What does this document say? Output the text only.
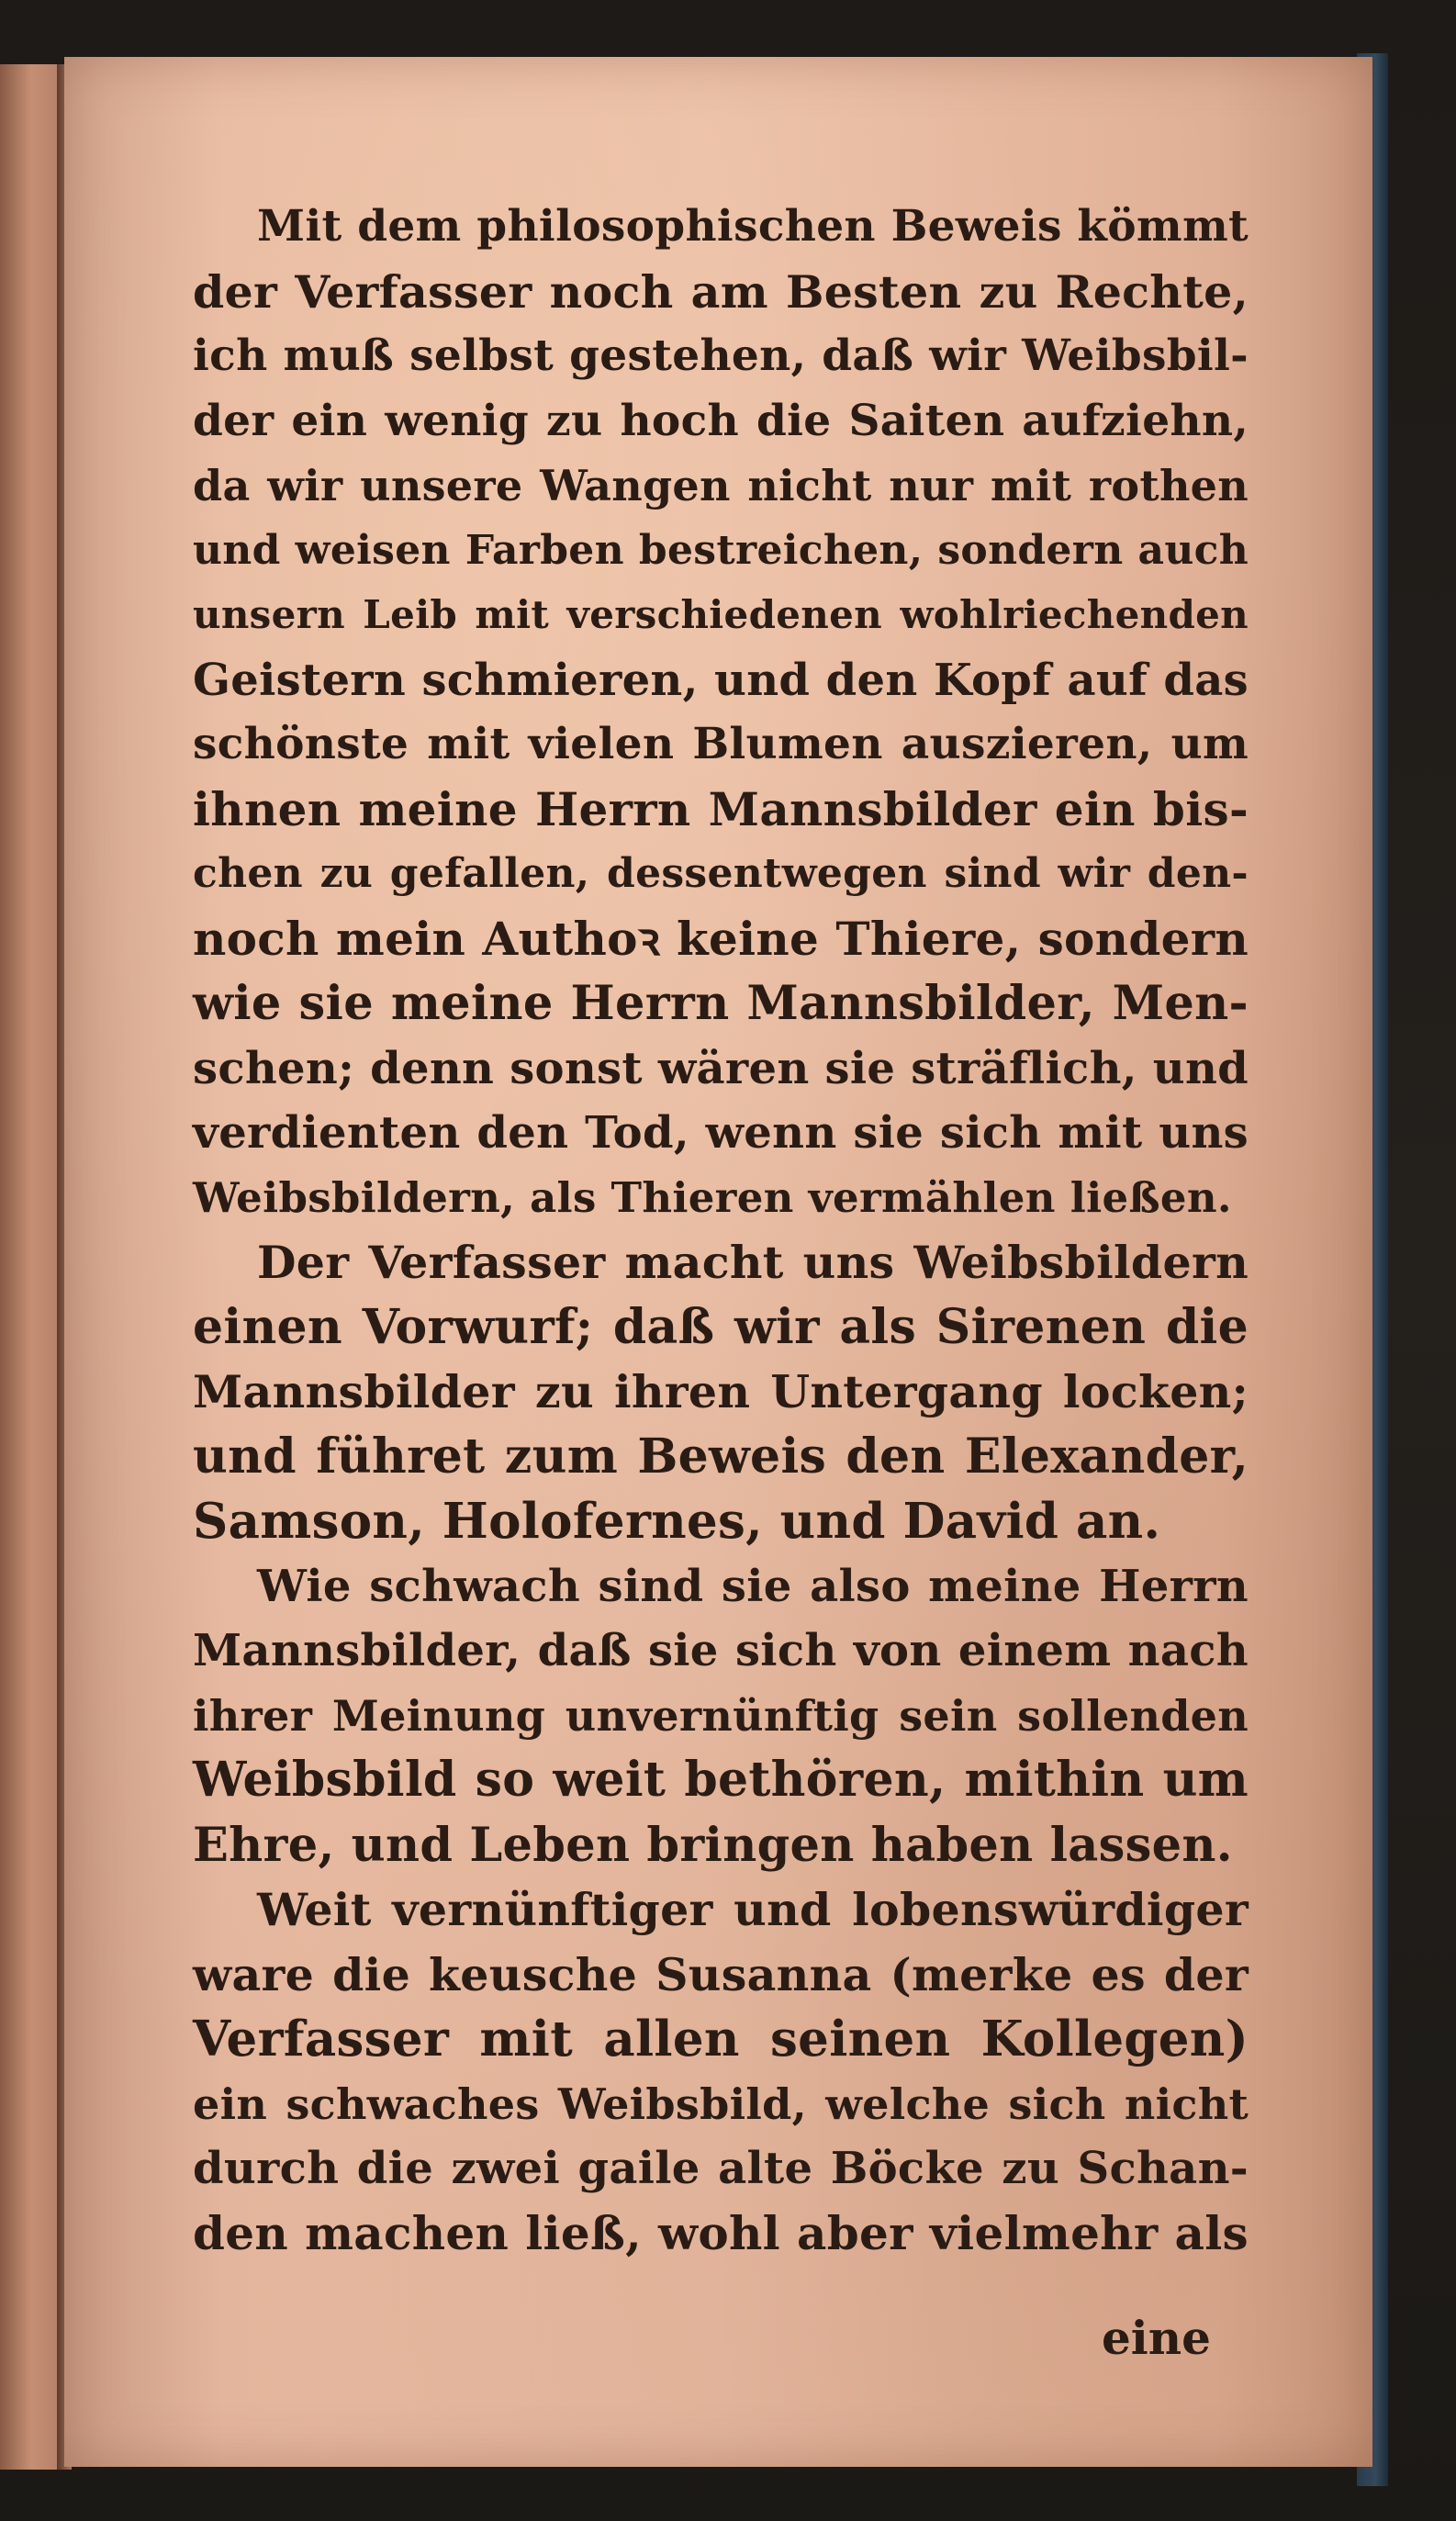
Mit dem philosophischen Beweis kömmt
der Verfasser noch am Besten zu Rechte,
ich muß selbst gestehen, daß wir Weibsbil-
der ein wenig zu hoch die Saiten aufziehn,
da wir unsere Wangen nicht nur mit rothen
und weisen Farben bestreichen, sondern auch
unsern Leib mit verschiedenen wohlriechenden
Geistern schmieren, und den Kopf auf das
schönste mit vielen Blumen auszieren, um
ihnen meine Herrn Mannsbilder ein bis-
chen zu gefallen, dessentwegen sind wir den-
noch mein Authoꝛ keine Thiere, sondern
wie sie meine Herrn Mannsbilder, Men-
schen; denn sonst wären sie sträflich, und
verdienten den Tod, wenn sie sich mit uns
Weibsbildern, als Thieren vermählen ließen.
Der Verfasser macht uns Weibsbildern
einen Vorwurf; daß wir als Sirenen die
Mannsbilder zu ihren Untergang locken;
und führet zum Beweis den Elexander,
Samson, Holofernes, und David an.
Wie schwach sind sie also meine Herrn
Mannsbilder, daß sie sich von einem nach
ihrer Meinung unvernünftig sein sollenden
Weibsbild so weit bethören, mithin um
Ehre, und Leben bringen haben lassen.
Weit vernünftiger und lobenswürdiger
ware die keusche Susanna (merke es der
Verfasser mit allen seinen Kollegen)
ein schwaches Weibsbild, welche sich nicht
durch die zwei gaile alte Böcke zu Schan-
den machen ließ, wohl aber vielmehr als
eine
